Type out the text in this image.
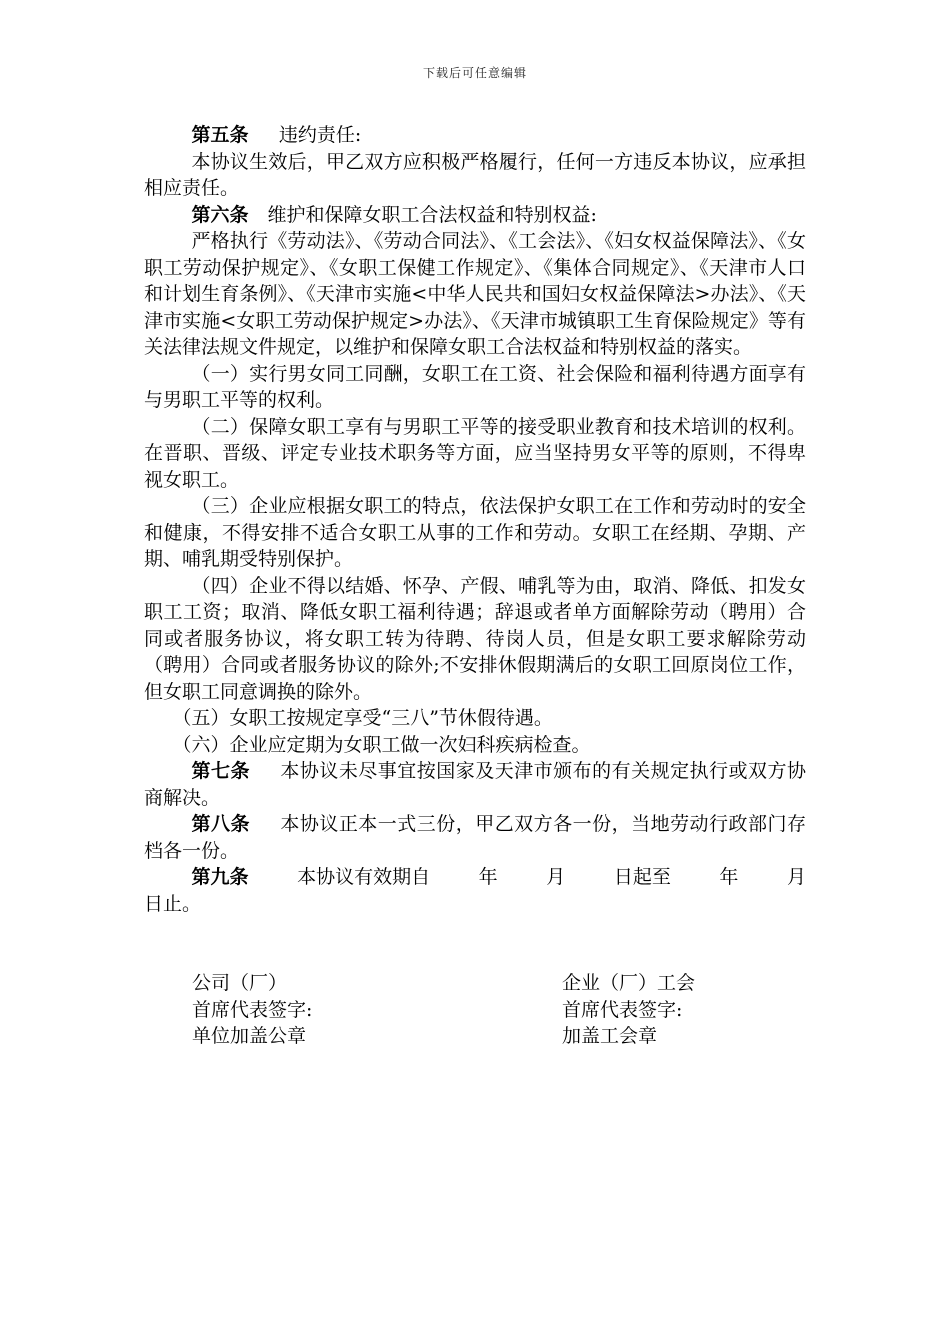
下载后可任意编辑

第五条 违约责任:

本协议生效后，甲乙双方应积极严格履行，任何一方违反本协议，应承担相应责任。

第六条 维护和保障女职工合法权益和特别权益:

严格执行《劳动法》、《劳动合同法》、《工会法》、《妇女权益保障法》、《女职工劳动保护规定》、《女职工保健工作规定》、《集体合同规定》、《天津市人口和计划生育条例》、《天津市实施<中华人民共和国妇女权益保障法>办法》、《天津市实施<女职工劳动保护规定>办法》、《天津市城镇职工生育保险规定》等有关法律法规文件规定，以维护和保障女职工合法权益和特别权益的落实。

（一）实行男女同工同酬，女职工在工资、社会保险和福利待遇方面享有与男职工平等的权利。

（二）保障女职工享有与男职工平等的接受职业教育和技术培训的权利。在晋职、晋级、评定专业技术职务等方面，应当坚持男女平等的原则，不得卑视女职工。

（三）企业应根据女职工的特点，依法保护女职工在工作和劳动时的安全和健康，不得安排不适合女职工从事的工作和劳动。女职工在经期、孕期、产期、哺乳期受特别保护。

（四）企业不得以结婚、怀孕、产假、哺乳等为由，取消、降低、扣发女职工工资；取消、降低女职工福利待遇；辞退或者单方面解除劳动（聘用）合同或者服务协议，将女职工转为待聘、待岗人员，但是女职工要求解除劳动（聘用）合同或者服务协议的除外;不安排休假期满后的女职工回原岗位工作，但女职工同意调换的除外。

（五）女职工按规定享受“三八”节休假待遇。

（六）企业应定期为女职工做一次妇科疾病检查。

第七条 本协议未尽事宜按国家及天津市颁布的有关规定执行或双方协商解决。

第八条 本协议正本一式三份，甲乙双方各一份，当地劳动行政部门存档各一份。

第九条	本协议有效期自	年	月	日起至	年	月

日止。

公司（厂）	企业（厂）工会
首席代表签字:	首席代表签字:
单位加盖公章	加盖工会章
